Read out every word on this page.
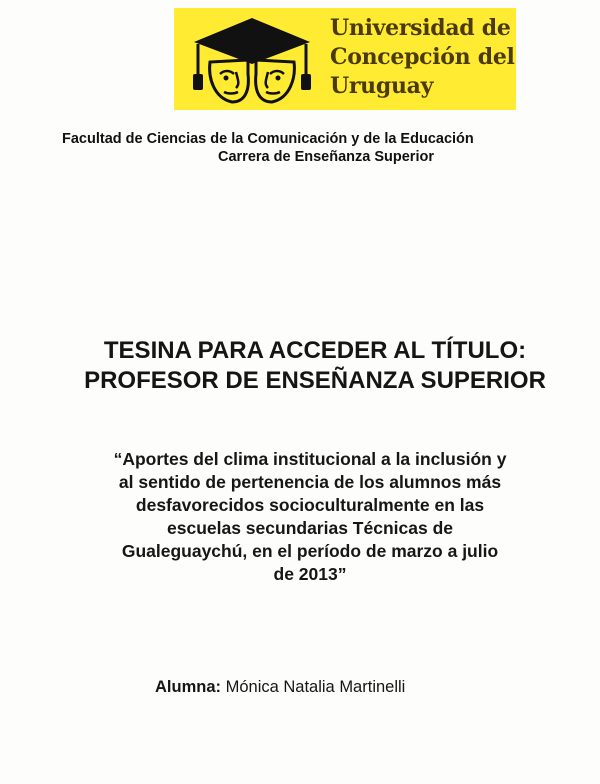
Universidad de
Concepción del
Uruguay
Facultad de Ciencias de la Comunicación y de la Educación
Carrera de Enseñanza Superior
TESINA PARA ACCEDER AL TÍTULO:
PROFESOR DE ENSEÑANZA SUPERIOR
“Aportes del clima institucional a la inclusión y
al sentido de pertenencia de los alumnos más
desfavorecidos socioculturalmente en las
escuelas secundarias Técnicas de
Gualeguaychú, en el período de marzo a julio
de 2013”
Alumna: Mónica Natalia Martinelli
